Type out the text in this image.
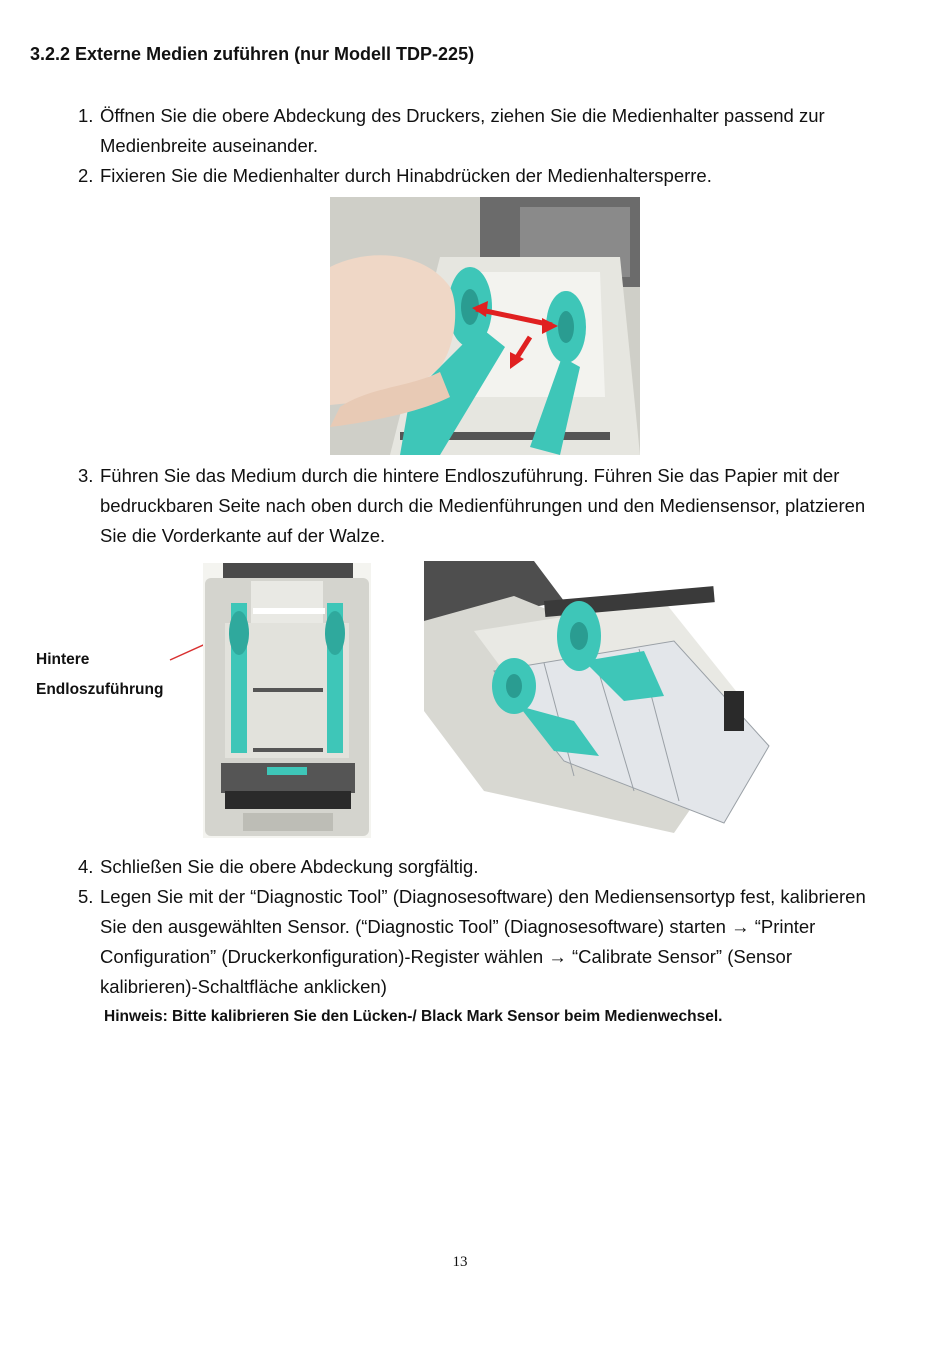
3.2.2 Externe Medien zuführen (nur Modell TDP-225)
1. Öffnen Sie die obere Abdeckung des Druckers, ziehen Sie die Medienhalter passend zur Medienbreite auseinander.
2. Fixieren Sie die Medienhalter durch Hinabdrücken der Medienhaltersperre.
3. Führen Sie das Medium durch die hintere Endloszuführung. Führen Sie das Papier mit der bedruckbaren Seite nach oben durch die Medienführungen und den Mediensensor, platzieren Sie die Vorderkante auf der Walze.
Hintere
Endloszuführung
4. Schließen Sie die obere Abdeckung sorgfältig.
5. Legen Sie mit der “Diagnostic Tool” (Diagnosesoftware) den Mediensensortyp fest, kalibrieren Sie den ausgewählten Sensor. (“Diagnostic Tool” (Diagnosesoftware) starten → “Printer Configuration” (Druckerkonfiguration)-Register wählen → “Calibrate Sensor” (Sensor kalibrieren)-Schaltfläche anklicken)
Hinweis: Bitte kalibrieren Sie den Lücken-/ Black Mark Sensor beim Medienwechsel.
13
